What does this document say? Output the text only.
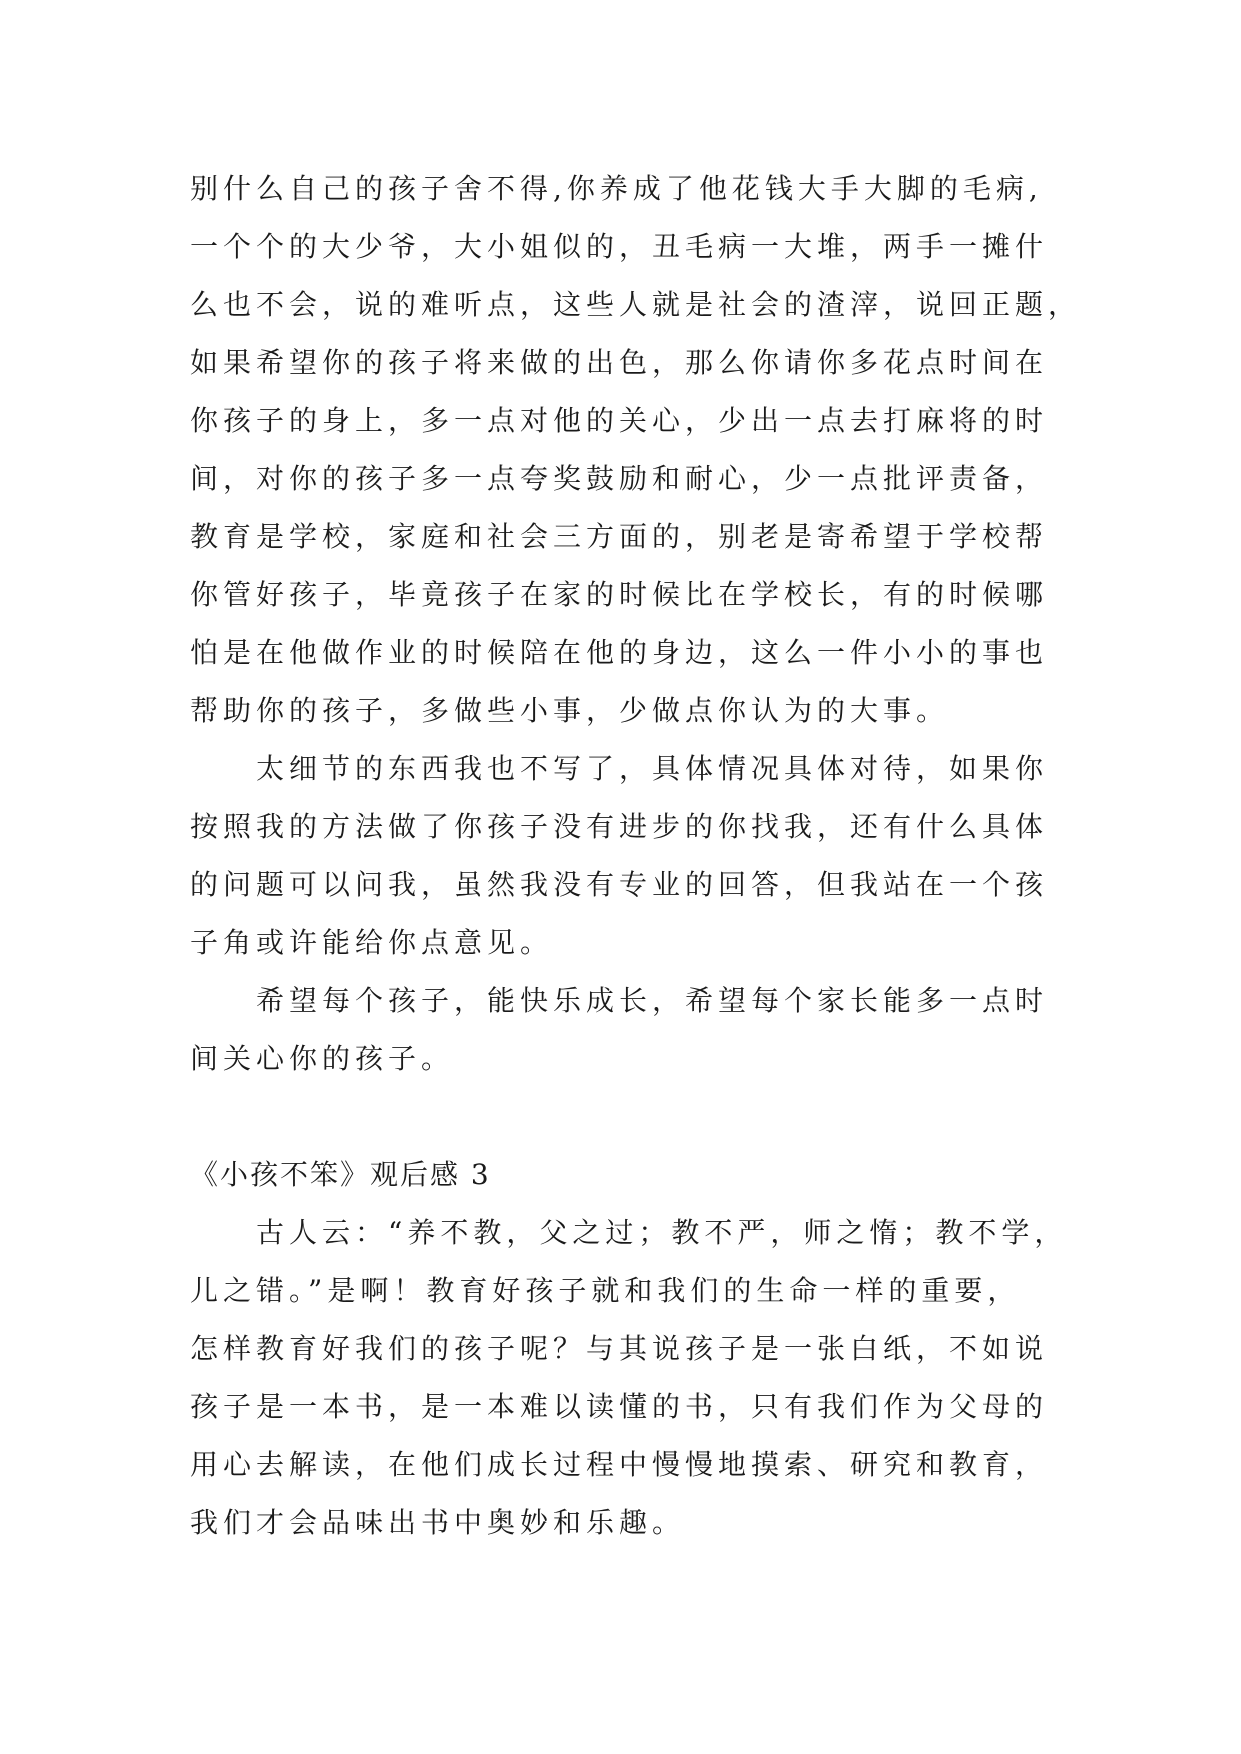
别什么自己的孩子舍不得,你养成了他花钱大手大脚的毛病,
一个个的大少爷，大小姐似的，丑毛病一大堆，两手一摊什
么也不会，说的难听点，这些人就是社会的渣滓，说回正题，
如果希望你的孩子将来做的出色，那么你请你多花点时间在
你孩子的身上，多一点对他的关心，少出一点去打麻将的时
间，对你的孩子多一点夸奖鼓励和耐心，少一点批评责备，
教育是学校，家庭和社会三方面的，别老是寄希望于学校帮
你管好孩子，毕竟孩子在家的时候比在学校长，有的时候哪
怕是在他做作业的时候陪在他的身边，这么一件小小的事也
帮助你的孩子，多做些小事，少做点你认为的大事。
太细节的东西我也不写了，具体情况具体对待，如果你
按照我的方法做了你孩子没有进步的你找我，还有什么具体
的问题可以问我，虽然我没有专业的回答，但我站在一个孩
子角或许能给你点意见。
希望每个孩子，能快乐成长，希望每个家长能多一点时
间关心你的孩子。
《小孩不笨》观后感 3
古人云：“养不教，父之过；教不严，师之惰；教不学，
儿之错。”是啊！教育好孩子就和我们的生命一样的重要，
怎样教育好我们的孩子呢？与其说孩子是一张白纸，不如说
孩子是一本书，是一本难以读懂的书，只有我们作为父母的
用心去解读，在他们成长过程中慢慢地摸索、研究和教育，
我们才会品味出书中奥妙和乐趣。
